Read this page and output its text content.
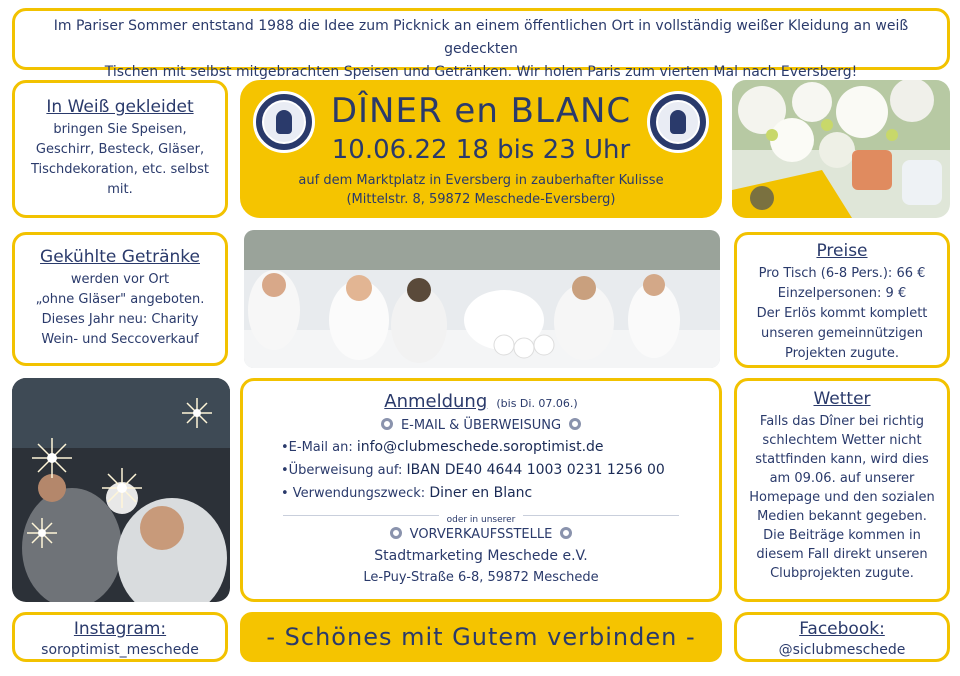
Im Pariser Sommer entstand 1988 die Idee zum Picknick an einem öffentlichen Ort in vollständig weißer Kleidung an weiß gedeckten
Tischen mit selbst mitgebrachten Speisen und Getränken. Wir holen Paris zum vierten Mal nach Eversberg!
In Weiß gekleidet
bringen Sie Speisen,
Geschirr, Besteck, Gläser,
Tischdekoration, etc. selbst
mit.
DÎNER en BLANC
10.06.22 18 bis 23 Uhr
auf dem Marktplatz in Eversberg in zauberhafter Kulisse
(Mittelstr. 8, 59872 Meschede-Eversberg)
Gekühlte Getränke
werden vor Ort
„ohne Gläser" angeboten.
Dieses Jahr neu: Charity
Wein- und Seccoverkauf
Preise
Pro Tisch (6-8 Pers.): 66 €
Einzelpersonen: 9 €
Der Erlös kommt komplett
unseren gemeinnützigen
Projekten zugute.
Anmeldung (bis Di. 07.06.)
E-MAIL & ÜBERWEISUNG
•E-Mail an: info@clubmeschede.soroptimist.de
•Überweisung auf: IBAN DE40 4644 1003 0231 1256 00
• Verwendungszweck: Diner en Blanc
oder in unserer
VORVERKAUFSSTELLE
Stadtmarketing Meschede e.V.
Le-Puy-Straße 6-8, 59872 Meschede
Wetter
Falls das Dîner bei richtig
schlechtem Wetter nicht
stattfinden kann, wird dies
am 09.06. auf unserer
Homepage und den sozialen
Medien bekannt gegeben.
Die Beiträge kommen in
diesem Fall direkt unseren
Clubprojekten zugute.
Instagram:
soroptimist_meschede	- Schönes mit Gutem verbinden -	Facebook:
@siclubmeschede
